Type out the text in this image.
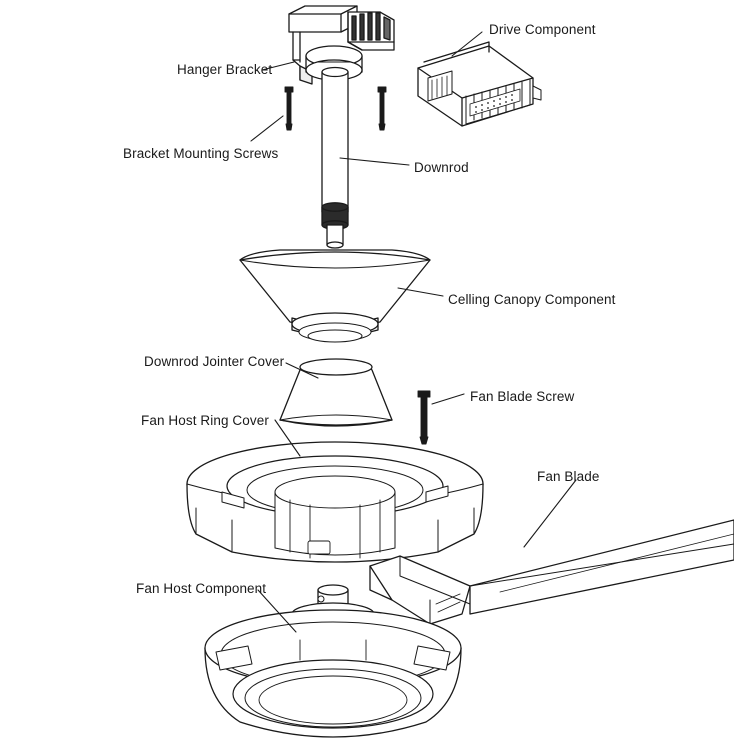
Hanger Bracket
Drive Component
Bracket Mounting Screws
Downrod
Celling Canopy Component
Downrod Jointer Cover
Fan Blade Screw
Fan Host Ring Cover
Fan Blade
Fan Host Component
